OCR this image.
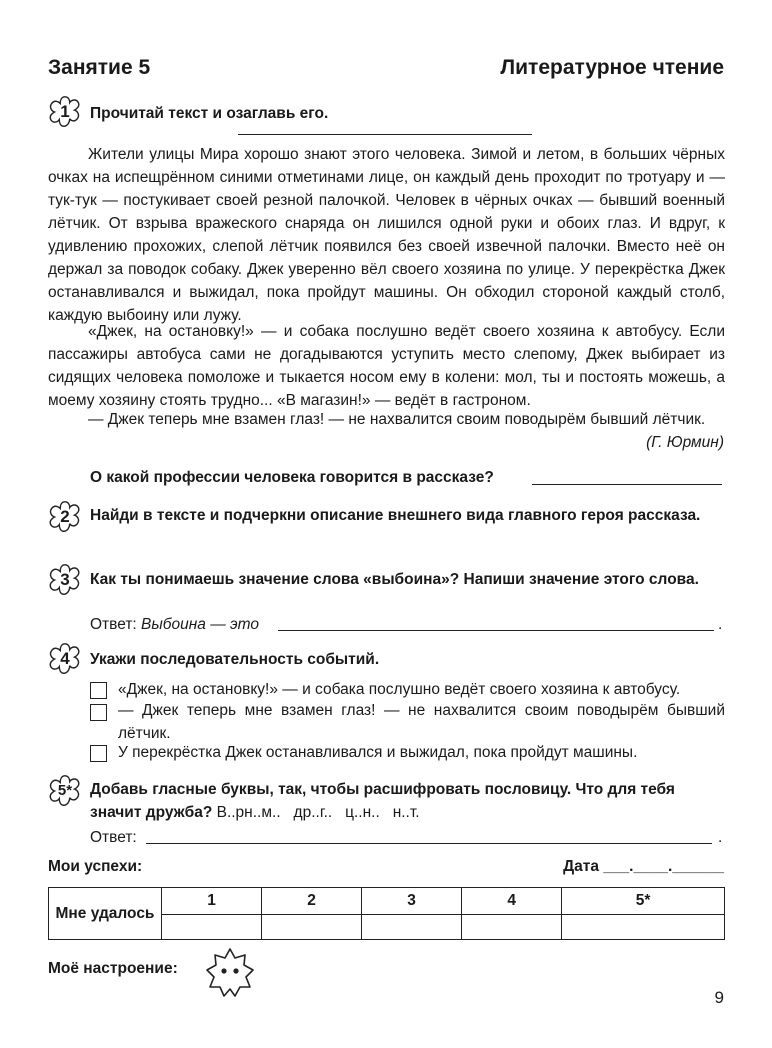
Занятие 5	Литературное чтение
1	Прочитай текст и озаглавь его.
Жители улицы Мира хорошо знают этого человека. Зимой и летом, в больших чёрных очках на испещрённом синими отметинами лице, он каждый день проходит по тротуару и — тук-тук — постукивает своей резной палочкой. Человек в чёрных очках — бывший военный лётчик. От взрыва вражеского снаряда он лишился одной руки и обоих глаз. И вдруг, к удивлению прохожих, слепой лётчик появился без своей извечной палочки. Вместо неё он держал за поводок собаку. Джек уверенно вёл своего хозяина по улице. У перекрёстка Джек останавливался и выжидал, пока пройдут машины. Он обходил стороной каждый столб, каждую выбоину или лужу.
«Джек, на остановку!» — и собака послушно ведёт своего хозяина к автобусу. Если пассажиры автобуса сами не догадываются уступить место слепому, Джек выбирает из сидящих человека помоложе и тыкается носом ему в колени: мол, ты и постоять можешь, а моему хозяину стоять трудно... «В магазин!» — ведёт в гастроном.
— Джек теперь мне взамен глаз! — не нахвалится своим поводырём бывший лётчик.
(Г. Юрмин)
О какой профессии человека говорится в рассказе?
2	Найди в тексте и подчеркни описание внешнего вида главного героя рассказа.
3	Как ты понимаешь значение слова «выбоина»? Напиши значение этого слова.
Ответ: Выбоина — это	.
4	Укажи последовательность событий.
«Джек, на остановку!» — и собака послушно ведёт своего хозяина к автобусу.
— Джек теперь мне взамен глаз! — не нахвалится своим поводырём бывший лётчик.
У перекрёстка Джек останавливался и выжидал, пока пройдут машины.
5*	Добавь гласные буквы, так, чтобы расшифровать пословицу. Что для тебя значит дружба? В..рн..м..   др..г..   ц..н..   н..т.
Ответ:	.
Мои успехи:	Дата ___.____.______
Мне удалось	1	2	3	4	5*

Моё настроение:
9
